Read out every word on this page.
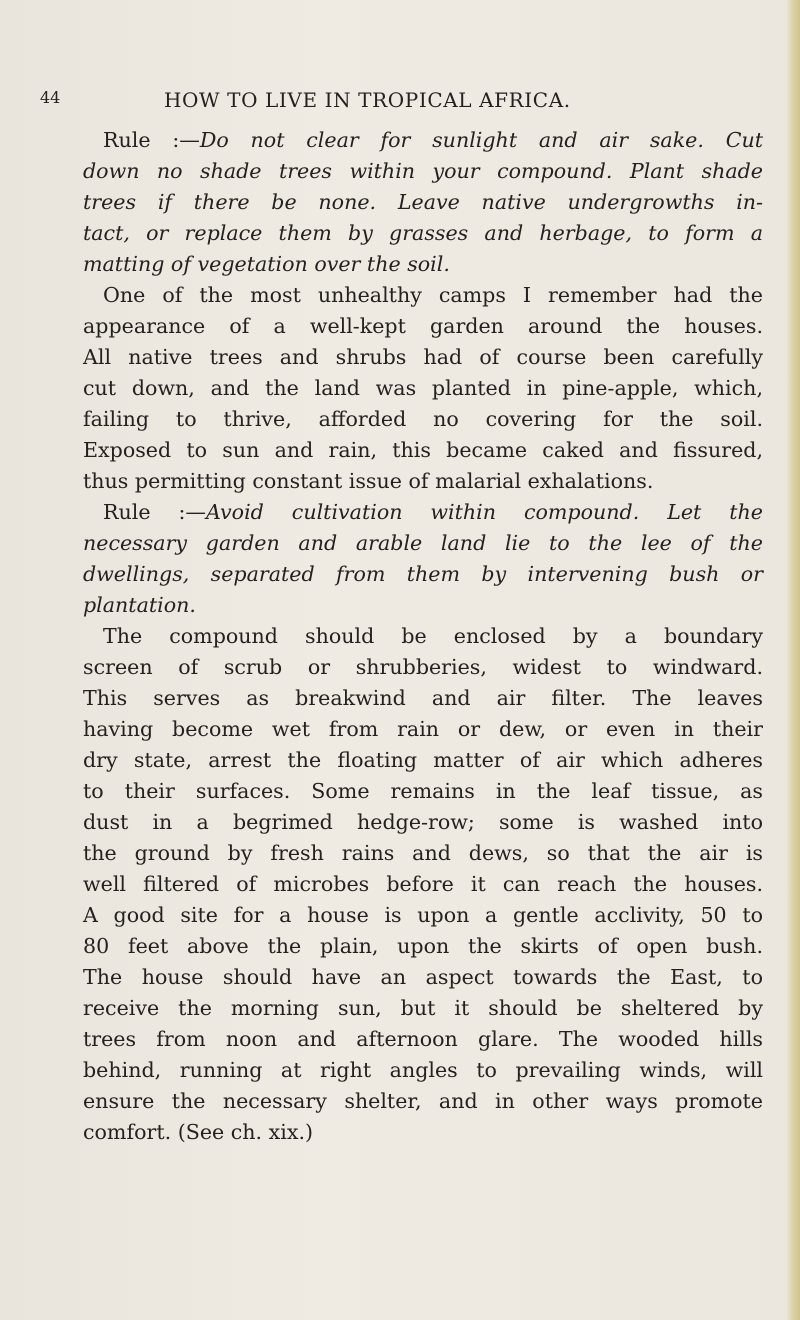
44	HOW TO LIVE IN TROPICAL AFRICA.
Rule :—Do not clear for sunlight and air sake. Cut
down no shade trees within your compound. Plant shade
trees if there be none. Leave native undergrowths in-
tact, or replace them by grasses and herbage, to form a
matting of vegetation over the soil.
One of the most unhealthy camps I remember had the
appearance of a well-kept garden around the houses.
All native trees and shrubs had of course been carefully
cut down, and the land was planted in pine-apple, which,
failing to thrive, afforded no covering for the soil.
Exposed to sun and rain, this became caked and fissured,
thus permitting constant issue of malarial exhalations.
Rule :—Avoid cultivation within compound. Let the
necessary garden and arable land lie to the lee of the
dwellings, separated from them by intervening bush or
plantation.
The compound should be enclosed by a boundary
screen of scrub or shrubberies, widest to windward.
This serves as breakwind and air filter. The leaves
having become wet from rain or dew, or even in their
dry state, arrest the floating matter of air which adheres
to their surfaces. Some remains in the leaf tissue, as
dust in a begrimed hedge-row; some is washed into
the ground by fresh rains and dews, so that the air is
well filtered of microbes before it can reach the houses.
A good site for a house is upon a gentle acclivity, 50 to
80 feet above the plain, upon the skirts of open bush.
The house should have an aspect towards the East, to
receive the morning sun, but it should be sheltered by
trees from noon and afternoon glare. The wooded hills
behind, running at right angles to prevailing winds, will
ensure the necessary shelter, and in other ways promote
comfort. (See ch. xix.)
